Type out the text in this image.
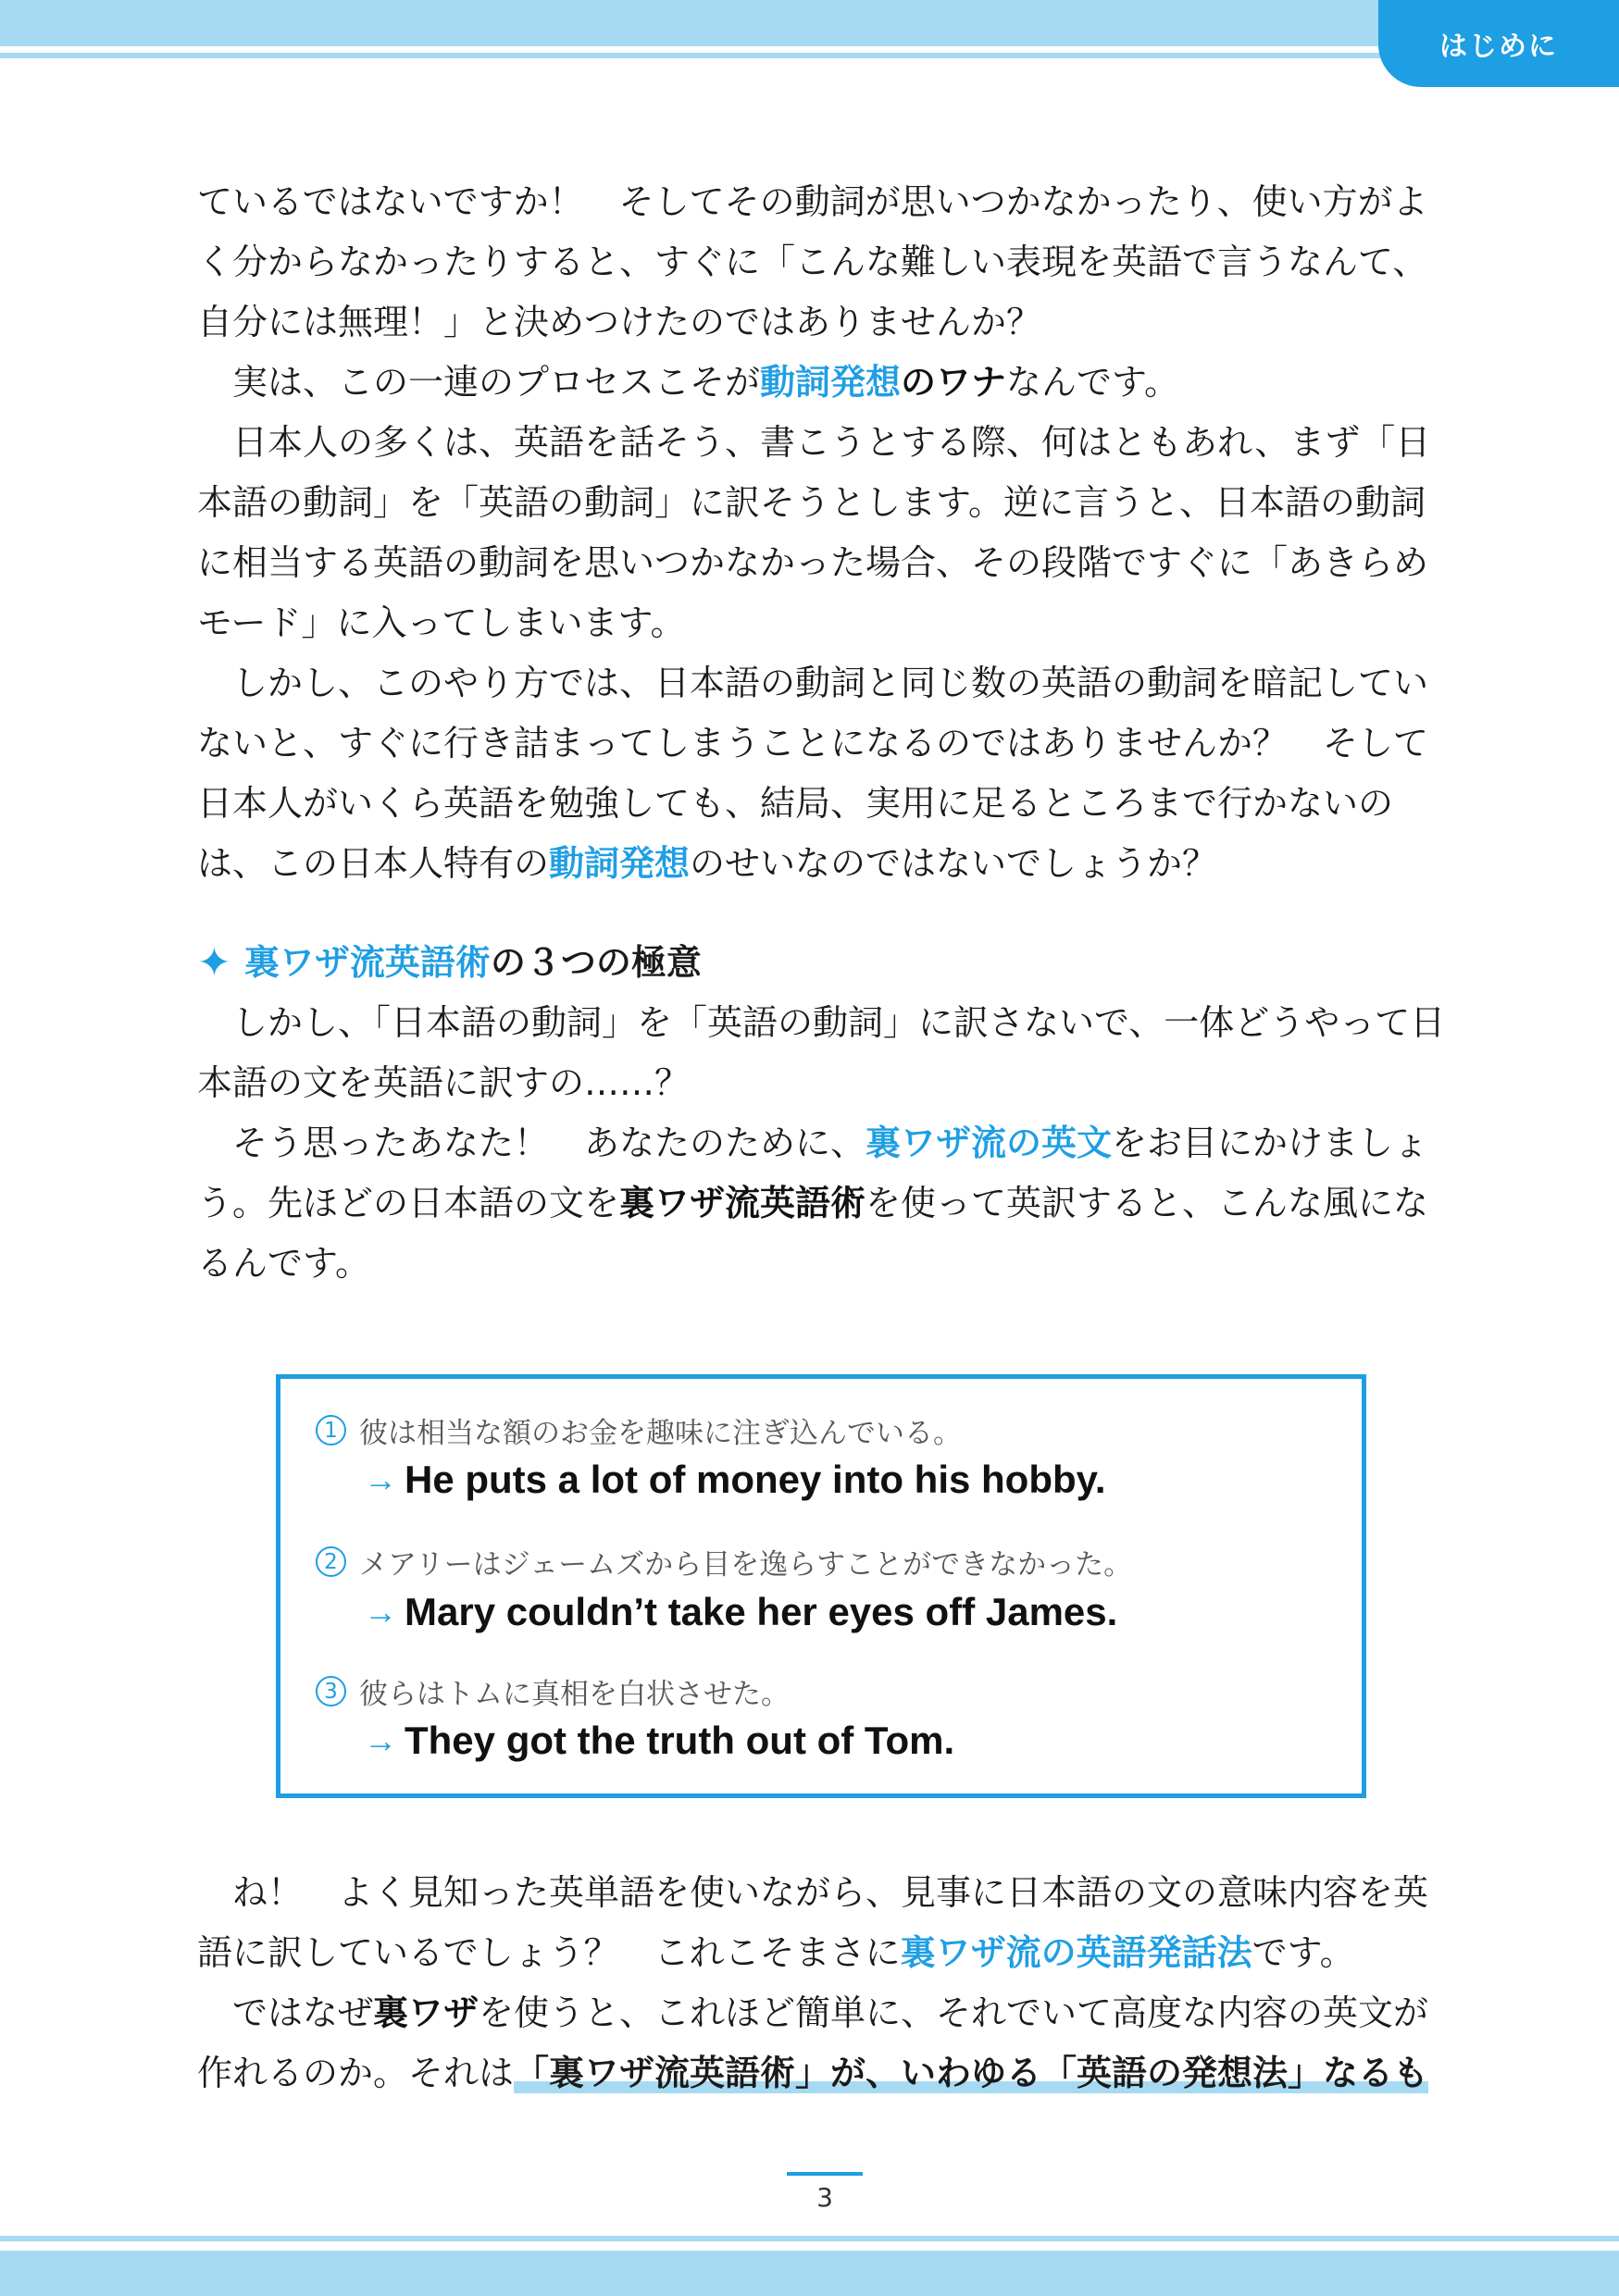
はじめに

ているではないですか！　そしてその動詞が思いつかなかったり、使い方がよく分からなかったりすると、すぐに「こんな難しい表現を英語で言うなんて、自分には無理！」と決めつけたのではありませんか？

実は、この一連のプロセスこそが動詞発想のワナなんです。

日本人の多くは、英語を話そう、書こうとする際、何はともあれ、まず「日本語の動詞」を「英語の動詞」に訳そうとします。逆に言うと、日本語の動詞に相当する英語の動詞を思いつかなかった場合、その段階ですぐに「あきらめモード」に入ってしまいます。

しかし、このやり方では、日本語の動詞と同じ数の英語の動詞を暗記していないと、すぐに行き詰まってしまうことになるのではありませんか？　そして日本人がいくら英語を勉強しても、結局、実用に足るところまで行かないのは、この日本人特有の動詞発想のせいなのではないでしょうか？

✦ 裏ワザ流英語術 の３つの極意

しかし、「日本語の動詞」を「英語の動詞」に訳さないで、一体どうやって日本語の文を英語に訳すの……？

そう思ったあなた！　あなたのために、裏ワザ流の英文をお目にかけましょう。先ほどの日本語の文を裏ワザ流英語術を使って英訳すると、こんな風になるんです。

1 彼は相当な額のお金を趣味に注ぎ込んでいる。
→ He puts a lot of money into his hobby.
2 メアリーはジェームズから目を逸らすことができなかった。
→ Mary couldn’t take her eyes off James.
3 彼らはトムに真相を白状させた。
→ They got the truth out of Tom.

ね！　よく見知った英単語を使いながら、見事に日本語の文の意味内容を英語に訳しているでしょう？　これこそまさに裏ワザ流の英語発話法です。

ではなぜ裏ワザを使うと、これほど簡単に、それでいて高度な内容の英文が作れるのか。それは「裏ワザ流英語術」が、いわゆる「英語の発想法」なるも

3
